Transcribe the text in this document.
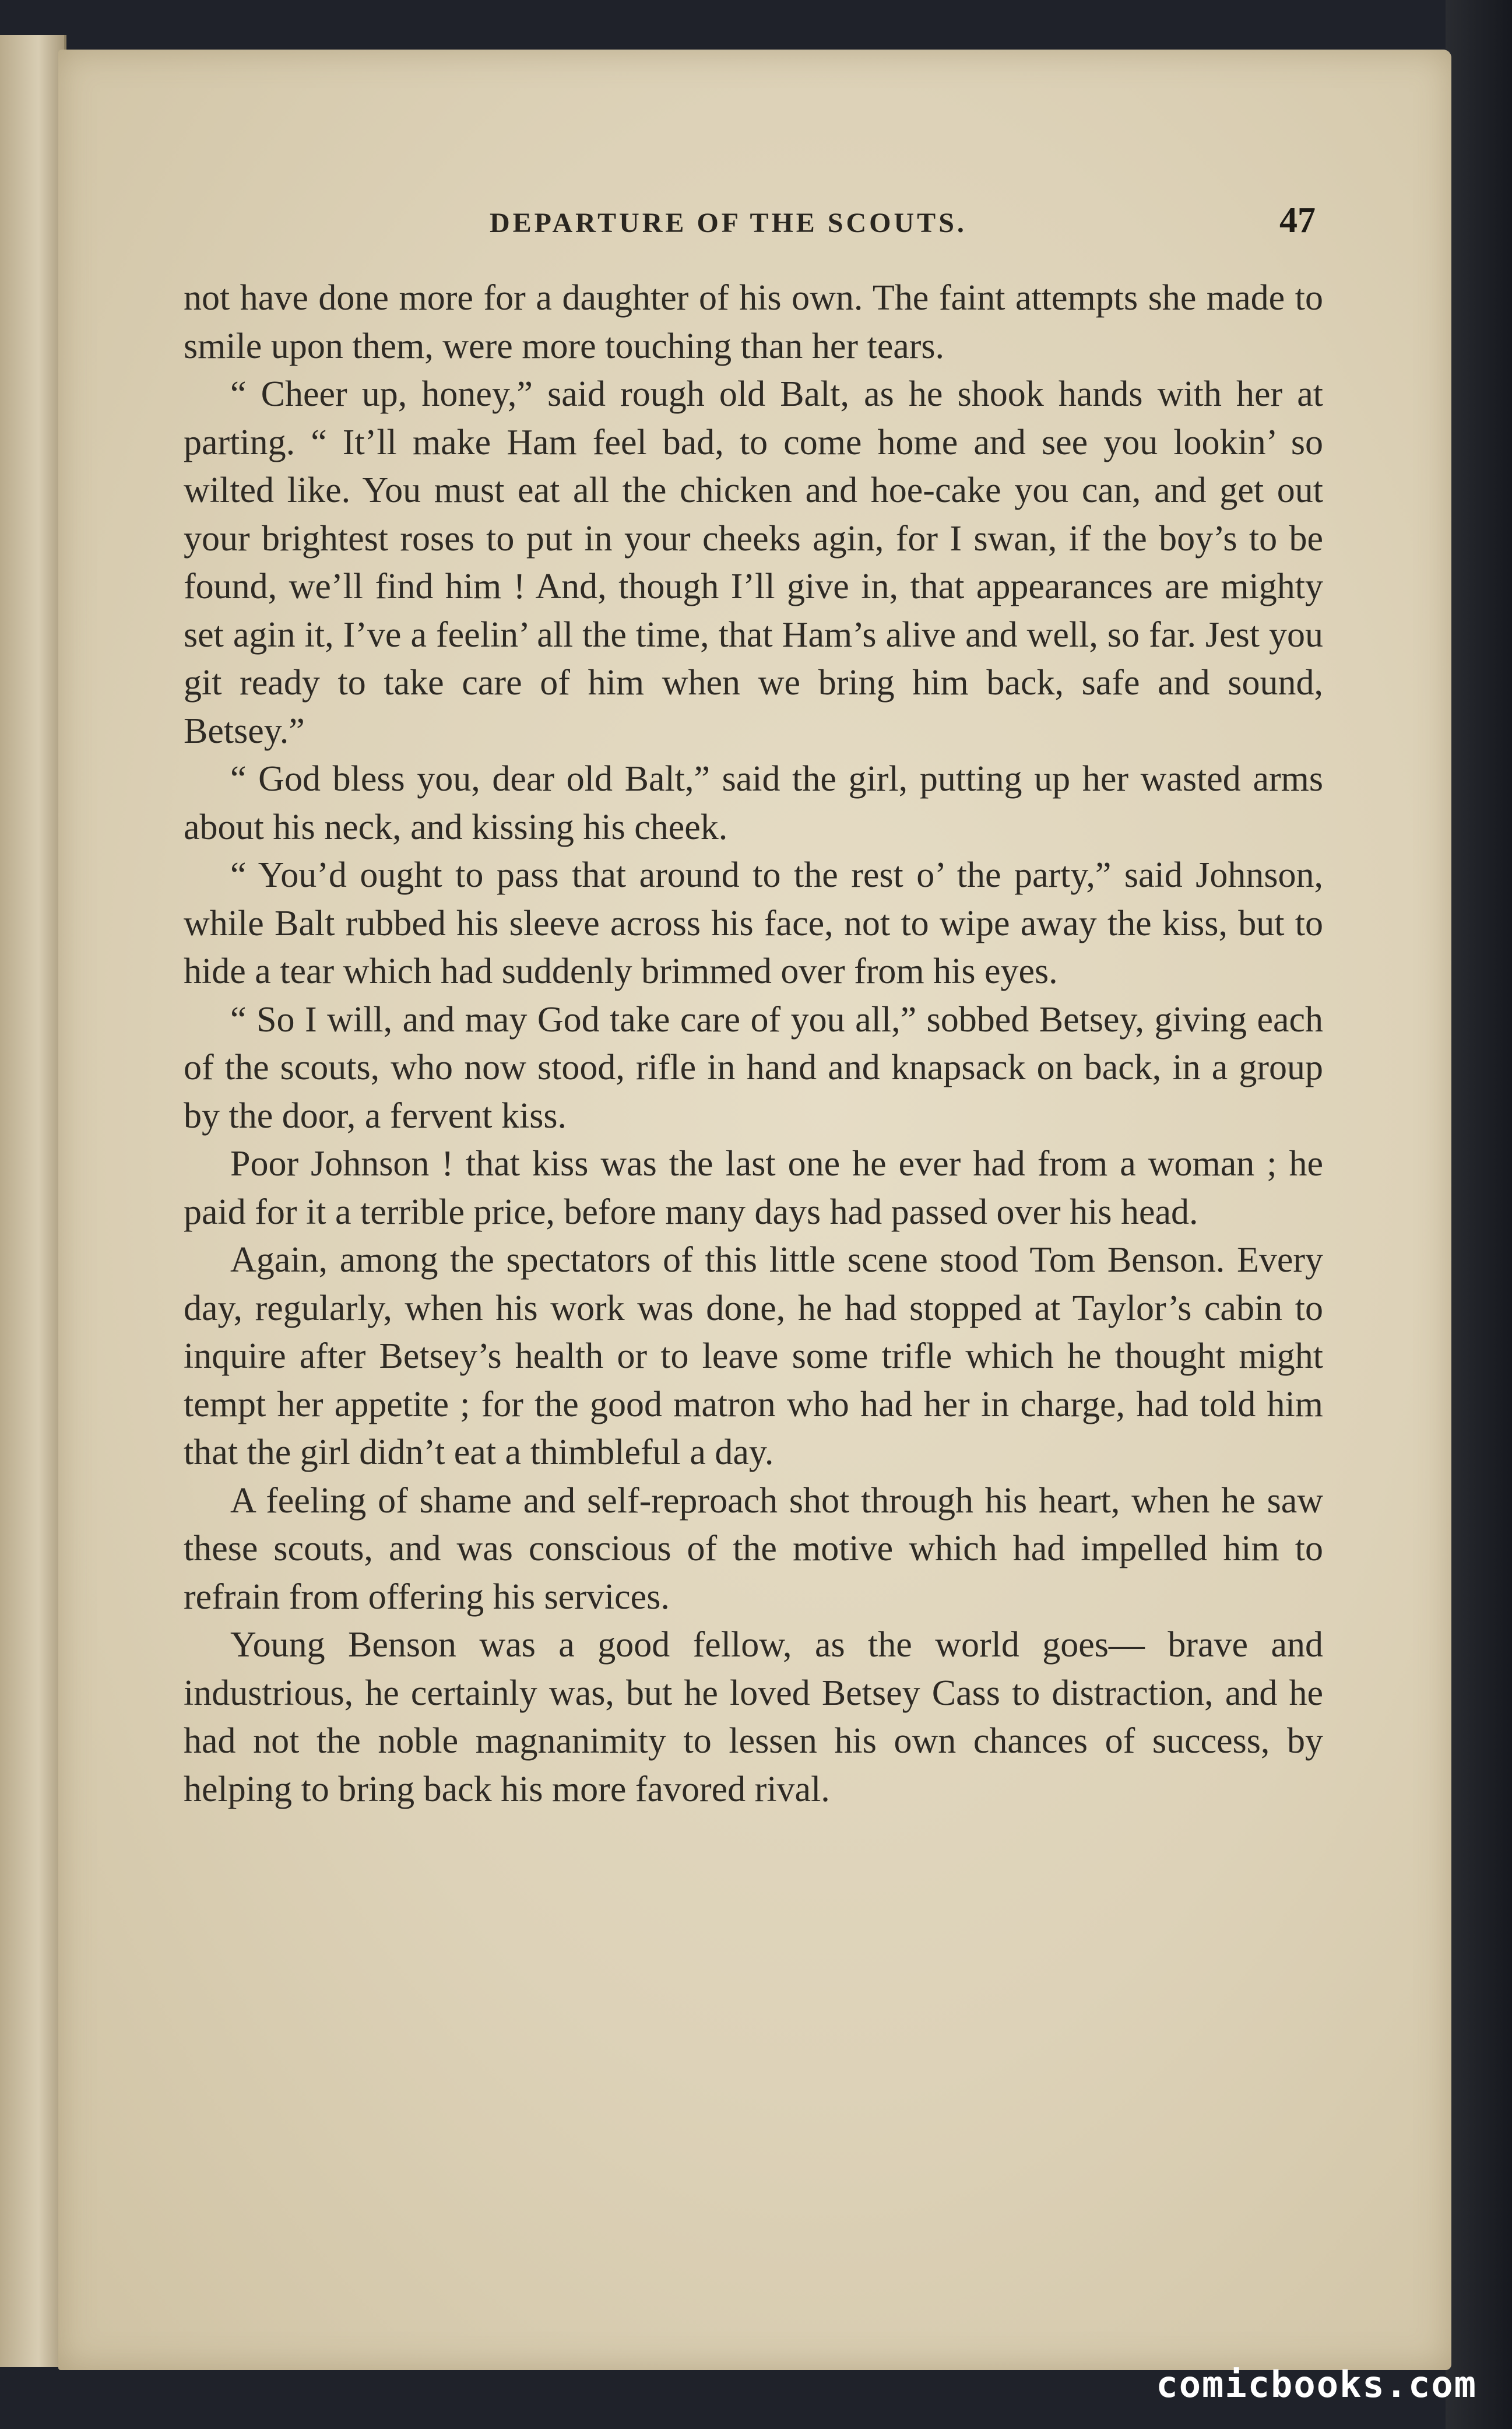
DEPARTURE OF THE SCOUTS.	47

not have done more for a daughter of his own. The faint attempts she made to smile upon them, were more touching than her tears.

“ Cheer up, honey,” said rough old Balt, as he shook hands with her at parting. “ It’ll make Ham feel bad, to come home and see you lookin’ so wilted like. You must eat all the chicken and hoe-cake you can, and get out your brightest roses to put in your cheeks agin, for I swan, if the boy’s to be found, we’ll find him ! And, though I’ll give in, that appearances are mighty set agin it, I’ve a feelin’ all the time, that Ham’s alive and well, so far. Jest you git ready to take care of him when we bring him back, safe and sound, Betsey.”

“ God bless you, dear old Balt,” said the girl, putting up her wasted arms about his neck, and kissing his cheek.

“ You’d ought to pass that around to the rest o’ the party,” said Johnson, while Balt rubbed his sleeve across his face, not to wipe away the kiss, but to hide a tear which had suddenly brimmed over from his eyes.

“ So I will, and may God take care of you all,” sobbed Betsey, giving each of the scouts, who now stood, rifle in hand and knapsack on back, in a group by the door, a fervent kiss.

Poor Johnson ! that kiss was the last one he ever had from a woman ; he paid for it a terrible price, before many days had passed over his head.

Again, among the spectators of this little scene stood Tom Benson. Every day, regularly, when his work was done, he had stopped at Taylor’s cabin to inquire after Betsey’s health or to leave some trifle which he thought might tempt her appetite ; for the good matron who had her in charge, had told him that the girl didn’t eat a thimbleful a day.

A feeling of shame and self-reproach shot through his heart, when he saw these scouts, and was conscious of the motive which had impelled him to refrain from offering his services.

Young Benson was a good fellow, as the world goes— brave and industrious, he certainly was, but he loved Betsey Cass to distraction, and he had not the noble magnanimity to lessen his own chances of success, by helping to bring back his more favored rival.

comicbooks.com
